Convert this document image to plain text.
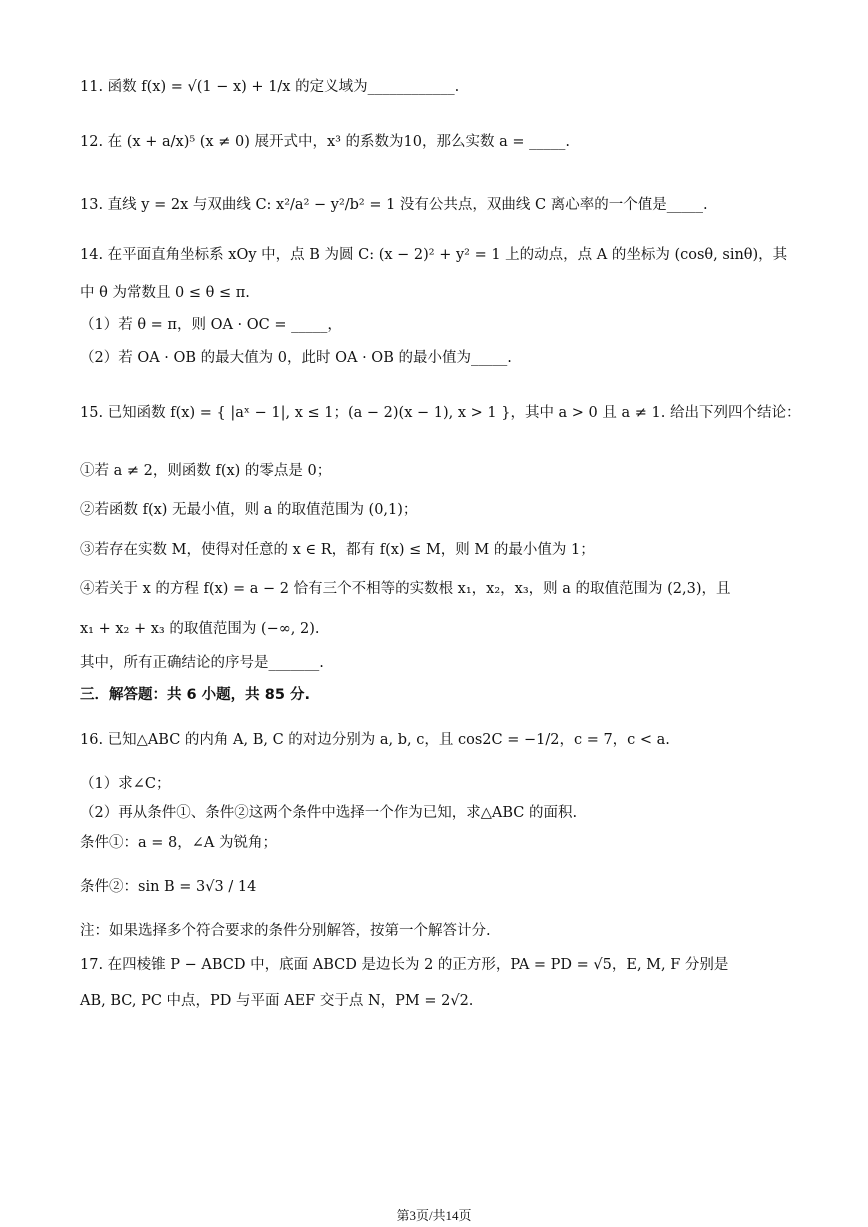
11. 函数 f(x) = √(1 − x) + 1/x 的定义域为____________.
12. 在 (x + a/x)⁵ (x ≠ 0) 展开式中，x³ 的系数为10，那么实数 a = _____.
13. 直线 y = 2x 与双曲线 C: x²/a² − y²/b² = 1 没有公共点，双曲线 C 离心率的一个值是_____.
14. 在平面直角坐标系 xOy 中，点 B 为圆 C: (x − 2)² + y² = 1 上的动点，点 A 的坐标为 (cosθ, sinθ)，其
中 θ 为常数且 0 ≤ θ ≤ π.
（1）若 θ = π，则 OA · OC = _____，
（2）若 OA · OB 的最大值为 0，此时 OA · OB 的最小值为_____.
15. 已知函数 f(x) = { |aˣ − 1|, x ≤ 1；(a − 2)(x − 1), x > 1 }，其中 a > 0 且 a ≠ 1. 给出下列四个结论：
①若 a ≠ 2，则函数 f(x) 的零点是 0；
②若函数 f(x) 无最小值，则 a 的取值范围为 (0,1)；
③若存在实数 M，使得对任意的 x ∈ R，都有 f(x) ≤ M，则 M 的最小值为 1；
④若关于 x 的方程 f(x) = a − 2 恰有三个不相等的实数根 x₁，x₂，x₃，则 a 的取值范围为 (2,3)，且
x₁ + x₂ + x₃ 的取值范围为 (−∞, 2).
其中，所有正确结论的序号是_______.
三．解答题：共 6 小题，共 85 分.
16. 已知△ABC 的内角 A, B, C 的对边分别为 a, b, c，且 cos2C = −1/2，c = 7，c < a.
（1）求∠C；
（2）再从条件①、条件②这两个条件中选择一个作为已知，求△ABC 的面积.
条件①：a = 8，∠A 为锐角；
条件②：sin B = 3√3 / 14
注：如果选择多个符合要求的条件分别解答，按第一个解答计分.
17. 在四棱锥 P − ABCD 中，底面 ABCD 是边长为 2 的正方形，PA = PD = √5，E, M, F 分别是
AB, BC, PC 中点，PD 与平面 AEF 交于点 N，PM = 2√2.
第3页/共14页
